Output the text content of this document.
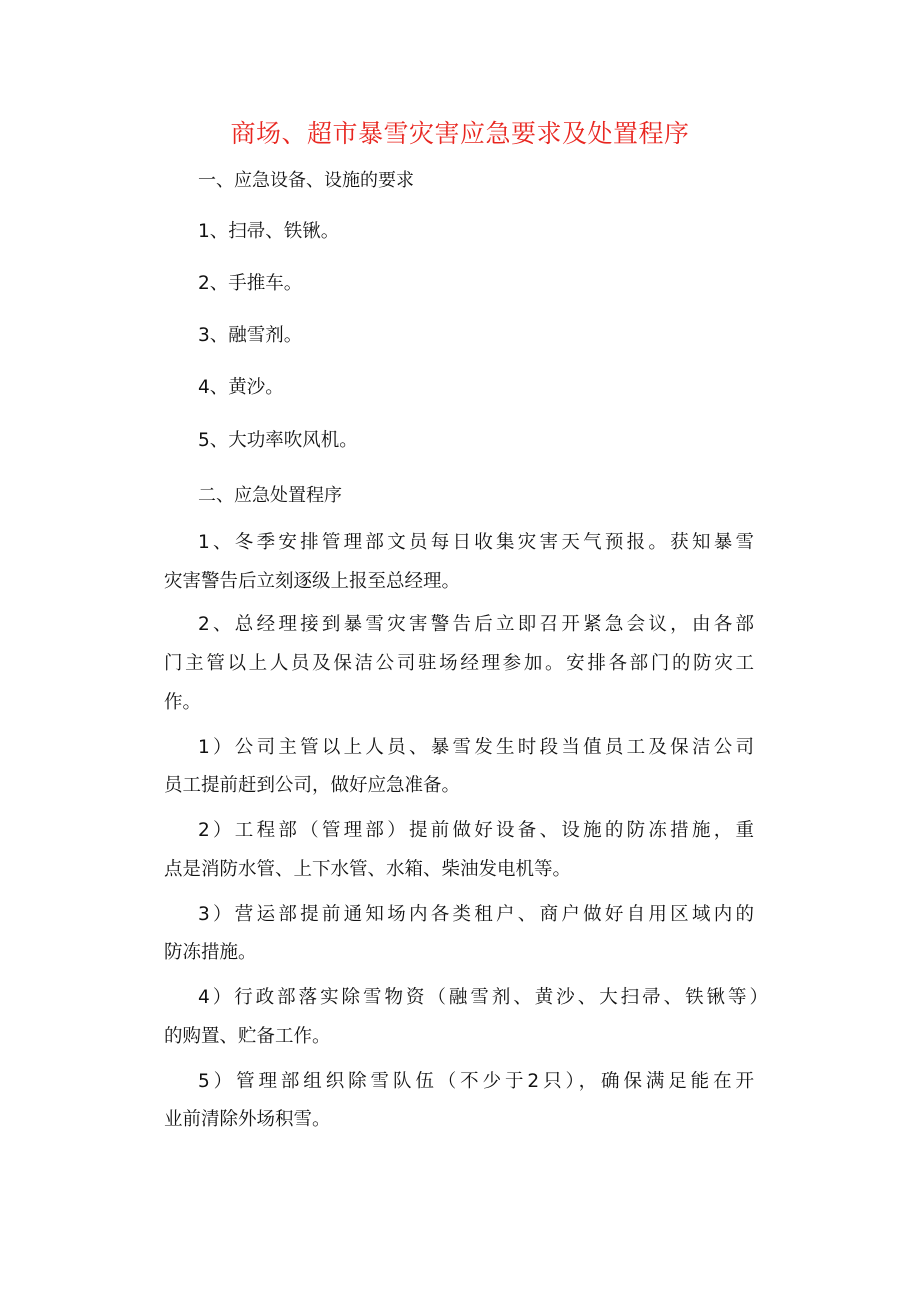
商场、超市暴雪灾害应急要求及处置程序
一、应急设备、设施的要求
1、扫帚、铁锹。
2、手推车。
3、融雪剂。
4、黄沙。
5、大功率吹风机。
二、应急处置程序
1、冬季安排管理部文员每日收集灾害天气预报。获知暴雪
灾害警告后立刻逐级上报至总经理。
2、总经理接到暴雪灾害警告后立即召开紧急会议，由各部
门主管以上人员及保洁公司驻场经理参加。安排各部门的防灾工
作。
1）公司主管以上人员、暴雪发生时段当值员工及保洁公司
员工提前赶到公司，做好应急准备。
2）工程部（管理部）提前做好设备、设施的防冻措施，重
点是消防水管、上下水管、水箱、柴油发电机等。
3）营运部提前通知场内各类租户、商户做好自用区域内的
防冻措施。
4）行政部落实除雪物资（融雪剂、黄沙、大扫帚、铁锹等）
的购置、贮备工作。
5）管理部组织除雪队伍（不少于2只），确保满足能在开
业前清除外场积雪。
